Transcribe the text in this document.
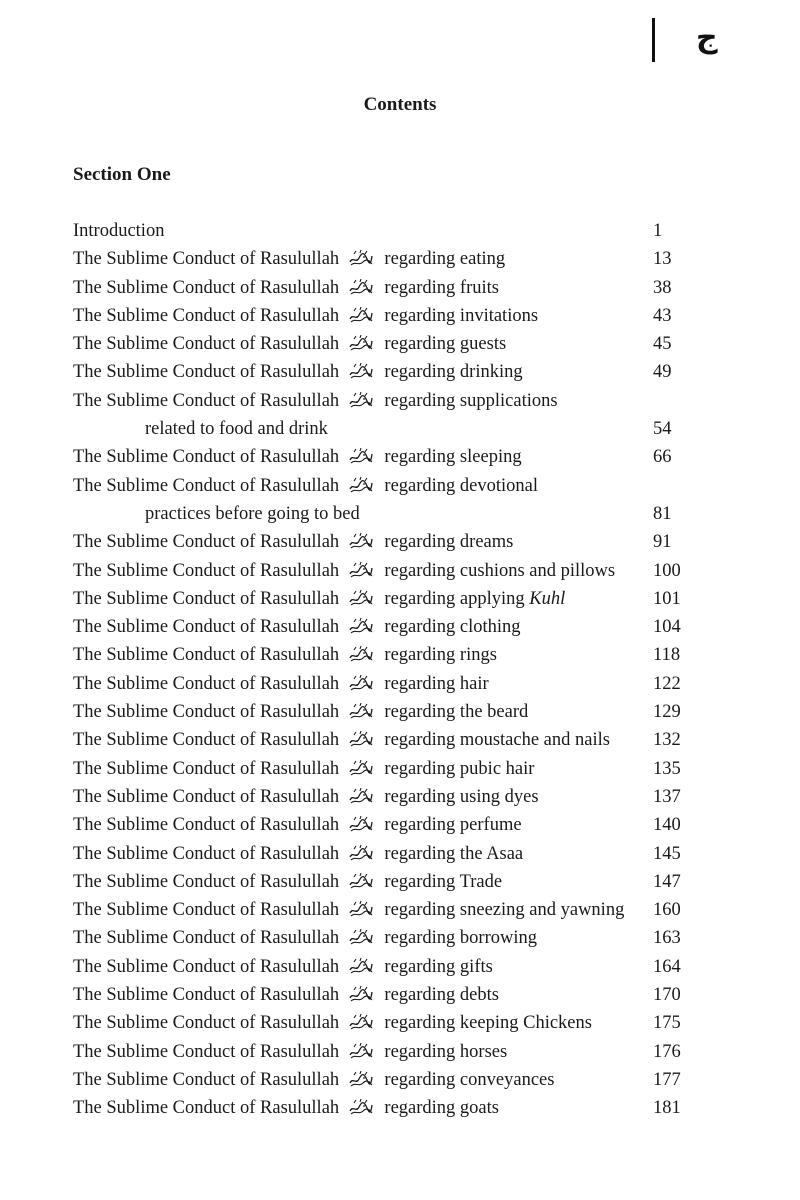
ج
Contents
Section One
Introduction	1
The Sublime Conduct of Rasulullah regarding eating	13
The Sublime Conduct of Rasulullah regarding fruits	38
The Sublime Conduct of Rasulullah regarding invitations	43
The Sublime Conduct of Rasulullah regarding guests	45
The Sublime Conduct of Rasulullah regarding drinking	49
The Sublime Conduct of Rasulullah regarding supplications
related to food and drink	54
The Sublime Conduct of Rasulullah regarding sleeping	66
The Sublime Conduct of Rasulullah regarding devotional
practices before going to bed	81
The Sublime Conduct of Rasulullah regarding dreams	91
The Sublime Conduct of Rasulullah regarding cushions and pillows 100
The Sublime Conduct of Rasulullah regarding applying Kuhl	101
The Sublime Conduct of Rasulullah regarding clothing	104
The Sublime Conduct of Rasulullah regarding rings	118
The Sublime Conduct of Rasulullah regarding hair	122
The Sublime Conduct of Rasulullah regarding the beard	129
The Sublime Conduct of Rasulullah regarding moustache and nails 132
The Sublime Conduct of Rasulullah regarding pubic hair	135
The Sublime Conduct of Rasulullah regarding using dyes	137
The Sublime Conduct of Rasulullah regarding perfume	140
The Sublime Conduct of Rasulullah regarding the Asaa	145
The Sublime Conduct of Rasulullah regarding Trade	147
The Sublime Conduct of Rasulullah regarding sneezing and yawning 160
The Sublime Conduct of Rasulullah regarding borrowing	163
The Sublime Conduct of Rasulullah regarding gifts	164
The Sublime Conduct of Rasulullah regarding debts	170
The Sublime Conduct of Rasulullah regarding keeping Chickens	175
The Sublime Conduct of Rasulullah regarding horses	176
The Sublime Conduct of Rasulullah regarding conveyances	177
The Sublime Conduct of Rasulullah regarding goats	181
